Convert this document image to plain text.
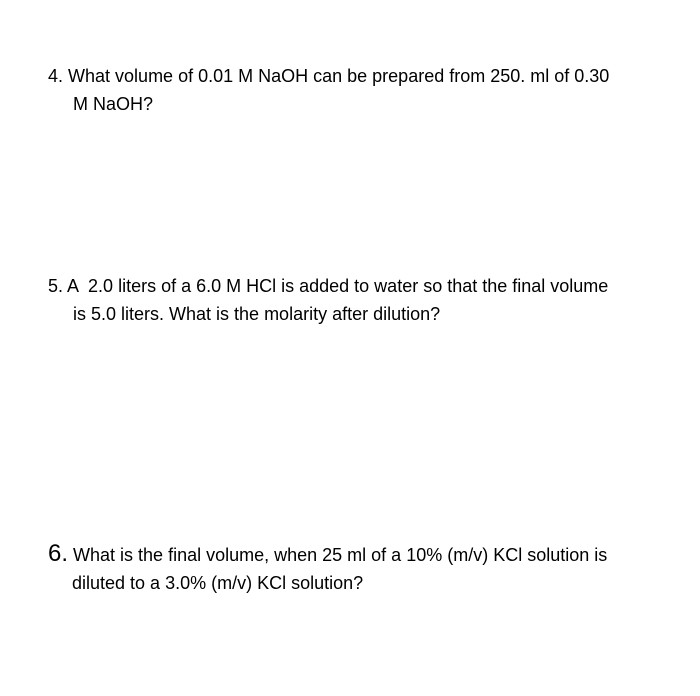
4. What volume of 0.01 M NaOH can be prepared from 250. ml of 0.30
M NaOH?
5. A  2.0 liters of a 6.0 M HCl is added to water so that the final volume
is 5.0 liters. What is the molarity after dilution?
6. What is the final volume, when 25 ml of a 10% (m/v) KCl solution is
diluted to a 3.0% (m/v) KCl solution?
